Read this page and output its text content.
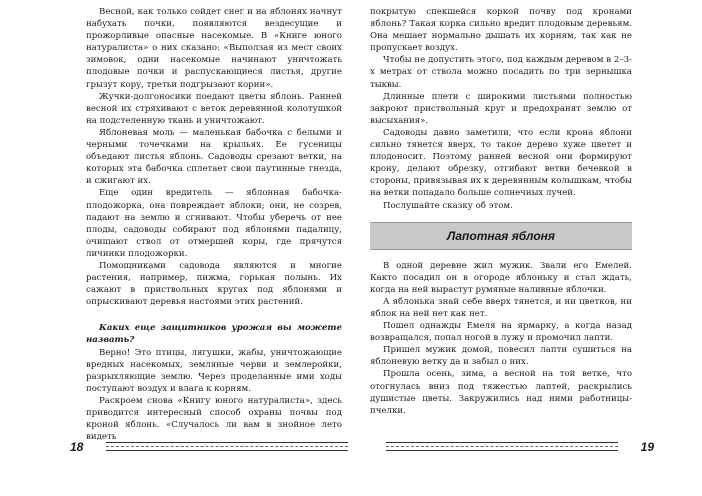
Весной, как только сойдет снег и на яблонях начнут набухать почки, появляются вездесущие и прожорливые опасные насекомые. В «Книге юного натуралиста» о них сказано: «Выползая из мест своих зимовок, одни насекомые начинают уничтожать плодовые почки и распускающиеся листья, другие грызут кору, третьи подгрызают корни».

Жучки-долгоносики поедают цветы яблонь. Ранней весной их стряхивают с веток деревянной колотушкой на подстеленную ткань и уничтожают.

Яблоневая моль — маленькая бабочка с белыми и черными точечками на крыльях. Ее гусеницы объедают листья яблонь. Садоводы срезают ветки, на которых эта бабочка сплетает свои паутинные гнезда, и сжигают их.

Еще один вредитель — яблонная бабочка-плодожорка, она повреждает яблоки; они, не созрев, падают на землю и сгнивают. Чтобы уберечь от нее плоды, садоводы собирают под яблонями падалицу, очищают ствол от отмершей коры, где прячутся личинки плодожорки.

Помощниками садовода являются и многие растения, например, пижма, горькая полынь. Их сажают в приствольных кругах под яблонями и опрыскивают деревья настоями этих растений.

Каких еще защитников урожая вы можете назвать?

Верно! Это птицы, лягушки, жабы, уничтожающие вредных насекомых, земляные черви и землеройки, разрыхляющие землю. Через проделанные ими ходы поступают воздух и влага к корням.

Раскроем снова «Книгу юного натуралиста», здесь приводится интересный способ охраны почвы под кроной яблонь. «Случалось ли вам в знойное лето видеть

покрытую спекшейся коркой почву под кронами яблонь? Такая корка сильно вредит плодовым деревьям. Она мешает нормально дышать их корням, так как не пропускает воздух.

Чтобы не допустить этого, под каждым деревом в 2–3-х метрах от ствола можно посадить по три зернышка тыквы.

Длинные плети с широкими листьями полностью закроют приствольный круг и предохранят землю от высыхания».

Садоводы давно заметили, что если крона яблони сильно тянется вверх, то такое дерево хуже цветет и плодоносит. Поэтому ранней весной они формируют крону, делают обрезку, отгибают ветви бечевкой в стороны, привязывая их к деревянным колышкам, чтобы на ветки попадало больше солнечных лучей.

Послушайте сказку об этом.

Лапотная яблоня

В одной деревне жил мужик. Звали его Емелей. Както посадил он в огороде яблоньку и стал ждать, когда на ней вырастут румяные наливные яблочки.

А яблонька знай себе вверх тянется, и ни цветков, ни яблок на ней нет как нет.

Пошел однажды Емеля на ярмарку, а когда назад возвращался, попал ногой в лужу и промочил лапти.

Пришел мужик домой, повесил лапти сушиться на яблоневую ветку да и забыл о них.

Прошла осень, зима, а весной на той ветке, что отогнулась вниз под тяжестью лаптей, раскрылись душистые цветы. Закружились над ними работницы-пчелки.

18	19
